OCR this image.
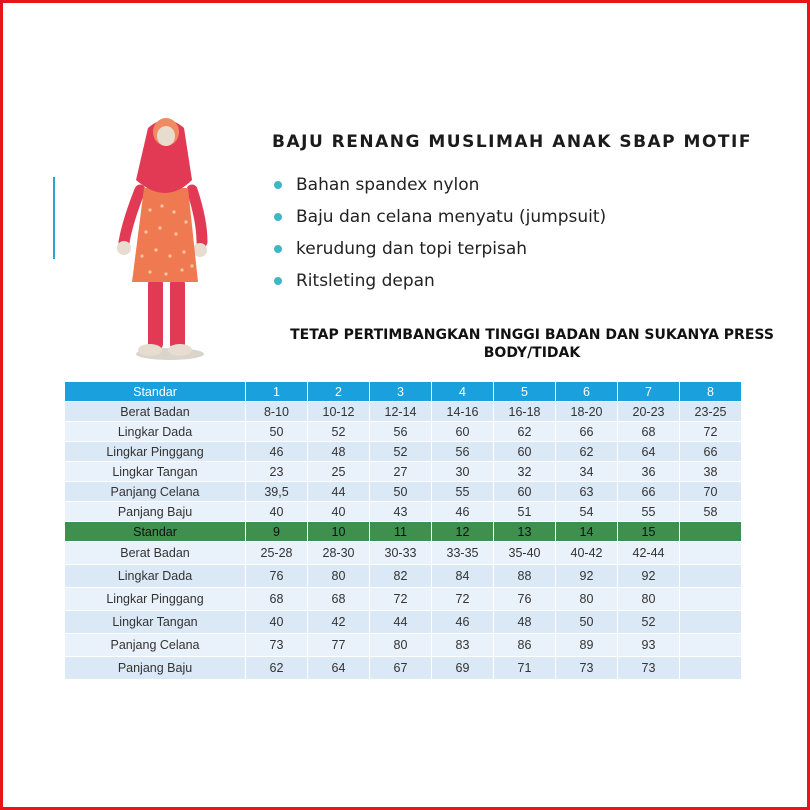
BAJU RENANG MUSLIMAH ANAK SBAP MOTIF
Bahan spandex nylon
Baju dan celana menyatu (jumpsuit)
kerudung dan topi terpisah
Ritsleting depan
TETAP PERTIMBANGKAN TINGGI BADAN DAN SUKANYA PRESS
BODY/TIDAK
Standar	1	2	3	4	5	6	7	8
Berat Badan	8-10	10-12	12-14	14-16	16-18	18-20	20-23	23-25
Lingkar Dada	50	52	56	60	62	66	68	72
Lingkar Pinggang	46	48	52	56	60	62	64	66
Lingkar Tangan	23	25	27	30	32	34	36	38
Panjang Celana	39,5	44	50	55	60	63	66	70
Panjang Baju	40	40	43	46	51	54	55	58
Standar	9	10	11	12	13	14	15	
Berat Badan	25-28	28-30	30-33	33-35	35-40	40-42	42-44	
Lingkar Dada	76	80	82	84	88	92	92	
Lingkar Pinggang	68	68	72	72	76	80	80	
Lingkar Tangan	40	42	44	46	48	50	52	
Panjang Celana	73	77	80	83	86	89	93	
Panjang Baju	62	64	67	69	71	73	73	
